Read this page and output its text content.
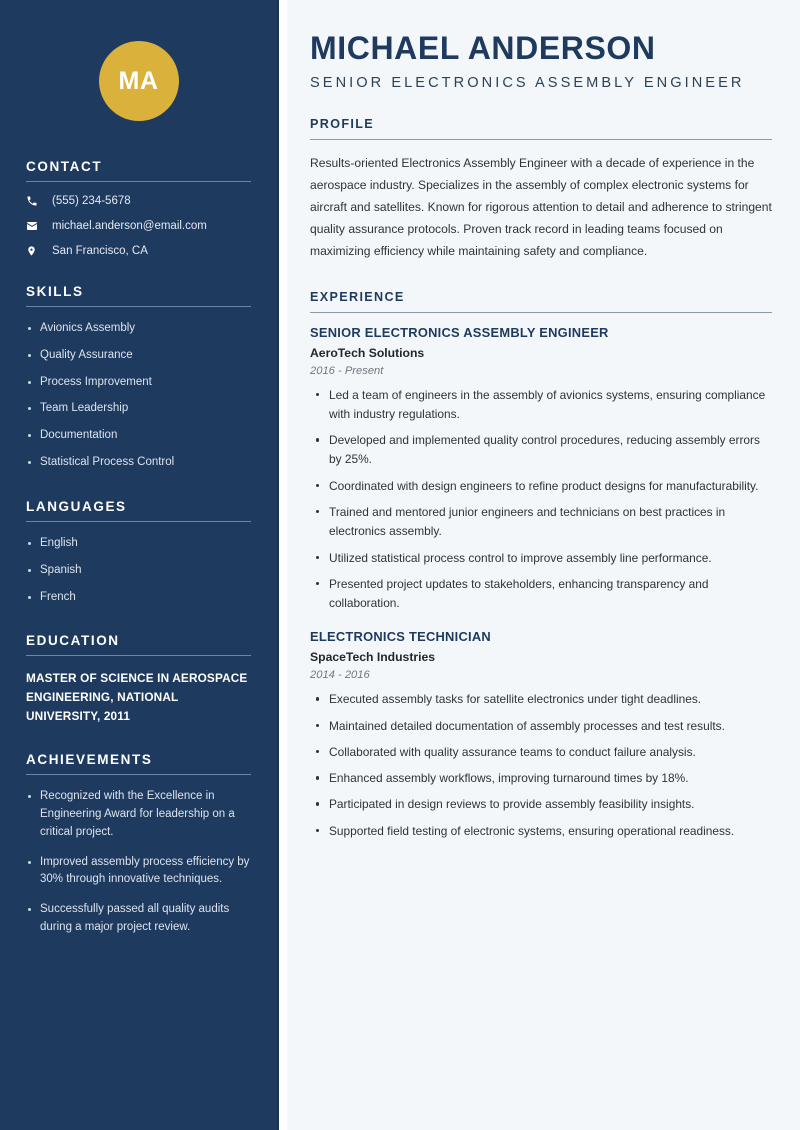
MA
CONTACT
(555) 234-5678
michael.anderson@email.com
San Francisco, CA
SKILLS
Avionics Assembly
Quality Assurance
Process Improvement
Team Leadership
Documentation
Statistical Process Control
LANGUAGES
English
Spanish
French
EDUCATION
MASTER OF SCIENCE IN AEROSPACE ENGINEERING, NATIONAL UNIVERSITY, 2011
ACHIEVEMENTS
Recognized with the Excellence in Engineering Award for leadership on a critical project.
Improved assembly process efficiency by 30% through innovative techniques.
Successfully passed all quality audits during a major project review.
MICHAEL ANDERSON
SENIOR ELECTRONICS ASSEMBLY ENGINEER
PROFILE

Results-oriented Electronics Assembly Engineer with a decade of experience in the aerospace industry. Specializes in the assembly of complex electronic systems for aircraft and satellites. Known for rigorous attention to detail and adherence to stringent quality assurance protocols. Proven track record in leading teams focused on maximizing efficiency while maintaining safety and compliance.

EXPERIENCE
SENIOR ELECTRONICS ASSEMBLY ENGINEER
AeroTech Solutions
2016 - Present
Led a team of engineers in the assembly of avionics systems, ensuring compliance with industry regulations.
Developed and implemented quality control procedures, reducing assembly errors by 25%.
Coordinated with design engineers to refine product designs for manufacturability.
Trained and mentored junior engineers and technicians on best practices in electronics assembly.
Utilized statistical process control to improve assembly line performance.
Presented project updates to stakeholders, enhancing transparency and collaboration.
ELECTRONICS TECHNICIAN
SpaceTech Industries
2014 - 2016
Executed assembly tasks for satellite electronics under tight deadlines.
Maintained detailed documentation of assembly processes and test results.
Collaborated with quality assurance teams to conduct failure analysis.
Enhanced assembly workflows, improving turnaround times by 18%.
Participated in design reviews to provide assembly feasibility insights.
Supported field testing of electronic systems, ensuring operational readiness.
